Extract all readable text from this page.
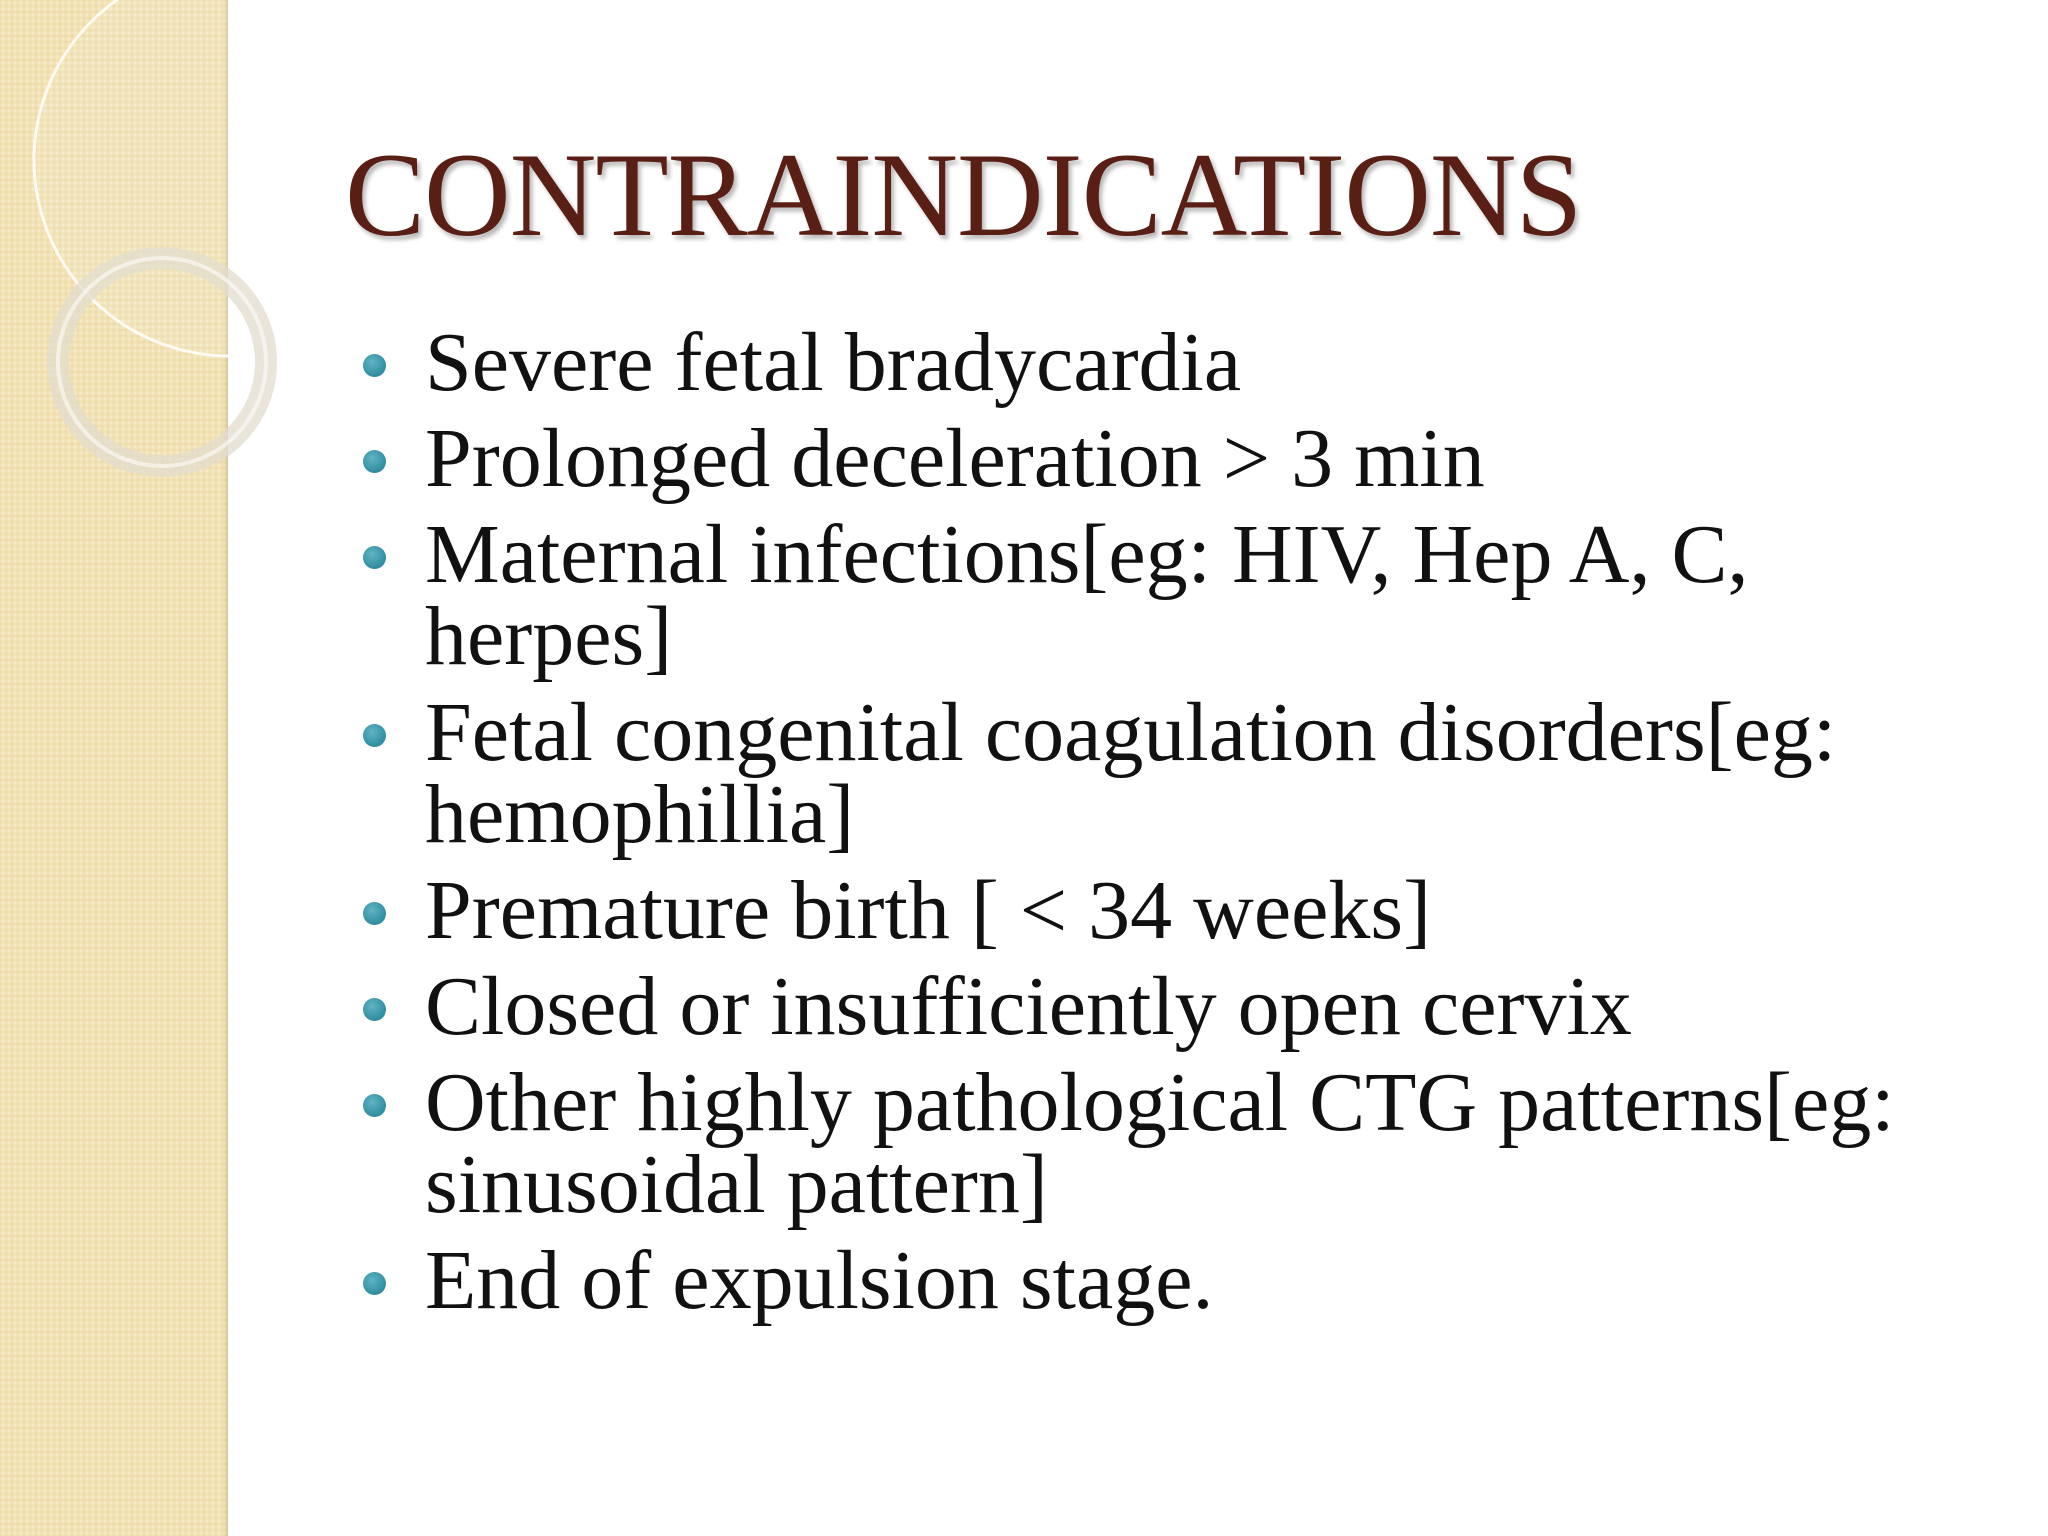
CONTRAINDICATIONS
Severe fetal bradycardia
Prolonged deceleration > 3 min
Maternal infections[eg: HIV, Hep A, C, herpes]
Fetal congenital coagulation disorders[eg: hemophillia]
Premature birth [ < 34 weeks]
Closed or insufficiently open cervix
Other highly pathological CTG patterns[eg: sinusoidal pattern]
End of expulsion stage.
